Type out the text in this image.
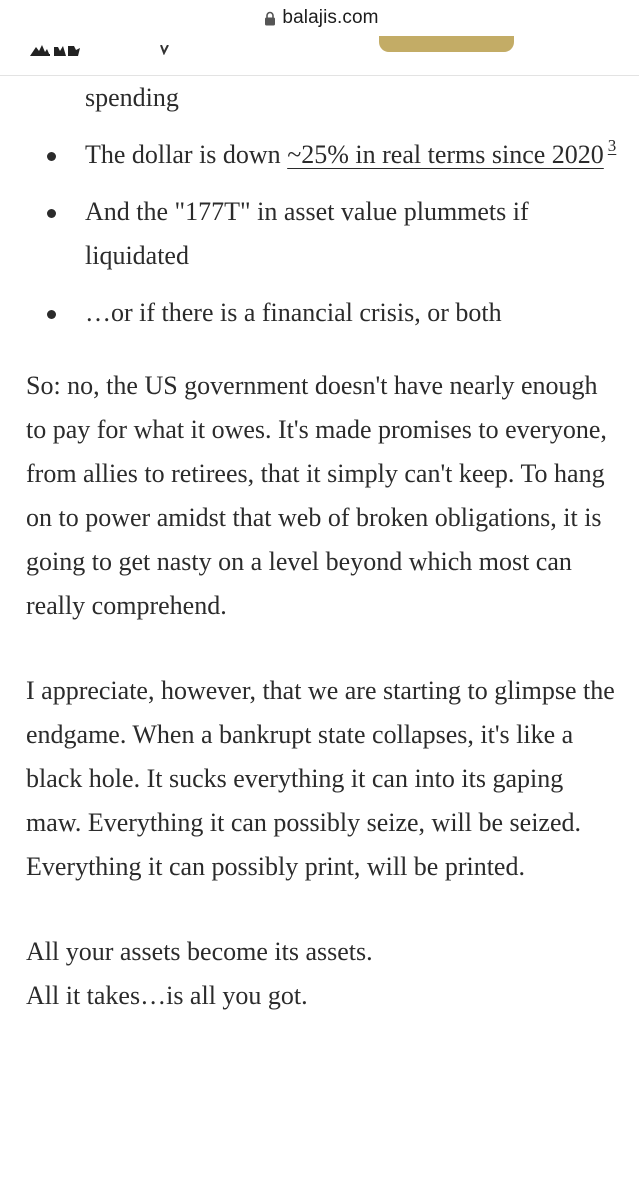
balajis.com
spending
The dollar is down ~25% in real terms since 2020 $^3$
And the "177T" in asset value plummets if liquidated
…or if there is a financial crisis, or both

So: no, the US government doesn't have nearly enough to pay for what it owes. It's made promises to everyone, from allies to retirees, that it simply can't keep. To hang on to power amidst that web of broken obligations, it is going to get nasty on a level beyond which most can really comprehend.

I appreciate, however, that we are starting to glimpse the endgame. When a bankrupt state collapses, it's like a black hole. It sucks everything it can into its gaping maw. Everything it can possibly seize, will be seized. Everything it can possibly print, will be printed.

All your assets become its assets.
All it takes…is all you got.
